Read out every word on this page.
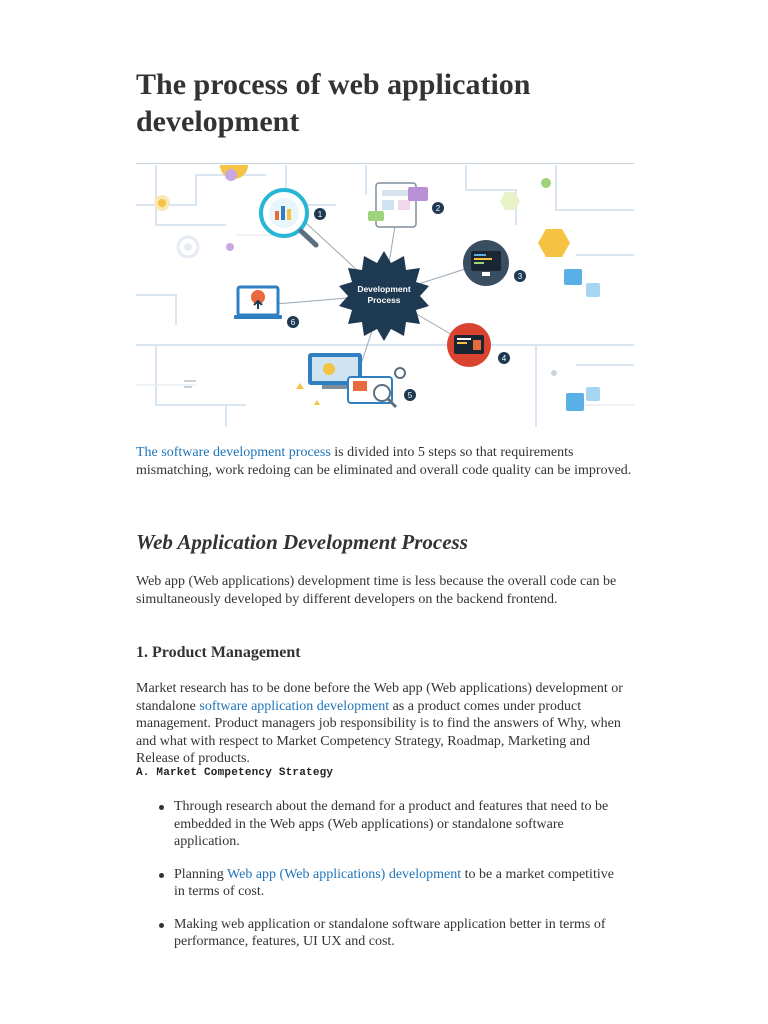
The process of web application development
Development
Process
1
2
3
4
5
6

The software development process is divided into 5 steps so that requirements mismatching, work redoing can be eliminated and overall code quality can be improved.

Web Application Development Process

Web app (Web applications) development time is less because the overall code can be simultaneously developed by different developers on the backend frontend.

1. Product Management

Market research has to be done before the Web app (Web applications) development or standalone software application development as a product comes under product management. Product managers job responsibility is to find the answers of Why, when and what with respect to Market Competency Strategy, Roadmap, Marketing and Release of products.

A. Market Competency Strategy
Through research about the demand for a product and features that need to be embedded in the Web apps (Web applications) or standalone software application.
Planning Web app (Web applications) development to be a market competitive in terms of cost.
Making web application or standalone software application better in terms of performance, features, UI UX and cost.
